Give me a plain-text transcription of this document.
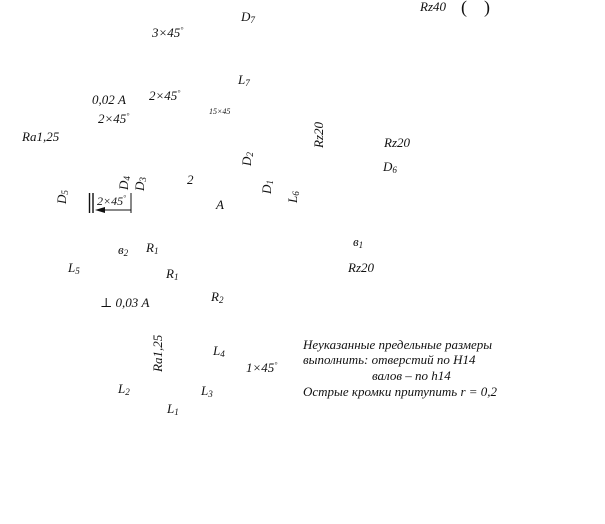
$D_7$
Rz40 ( )
3×45°
2×45°
2×45°	15×45
2×45°
1×45°
$L_7$
$L_5$
$L_6$
$L_4$
$L_3$
$L_2$
$L_1$
0,02 А
⊥ 0,03 А
Ra1,25	Rz20	Rz20
Rz20
Ra1,25
$D_6$
$D_2$
$D_1$
$D_4$
$D_3$
$D_5$
2
А
$в_2$
$в_1$
$R_1$
$R_1$
$R_2$
Неуказанные предельные размеры
выполнить: отверстий по Н14
валов – по h14
Острые кромки притупить r = 0,2
